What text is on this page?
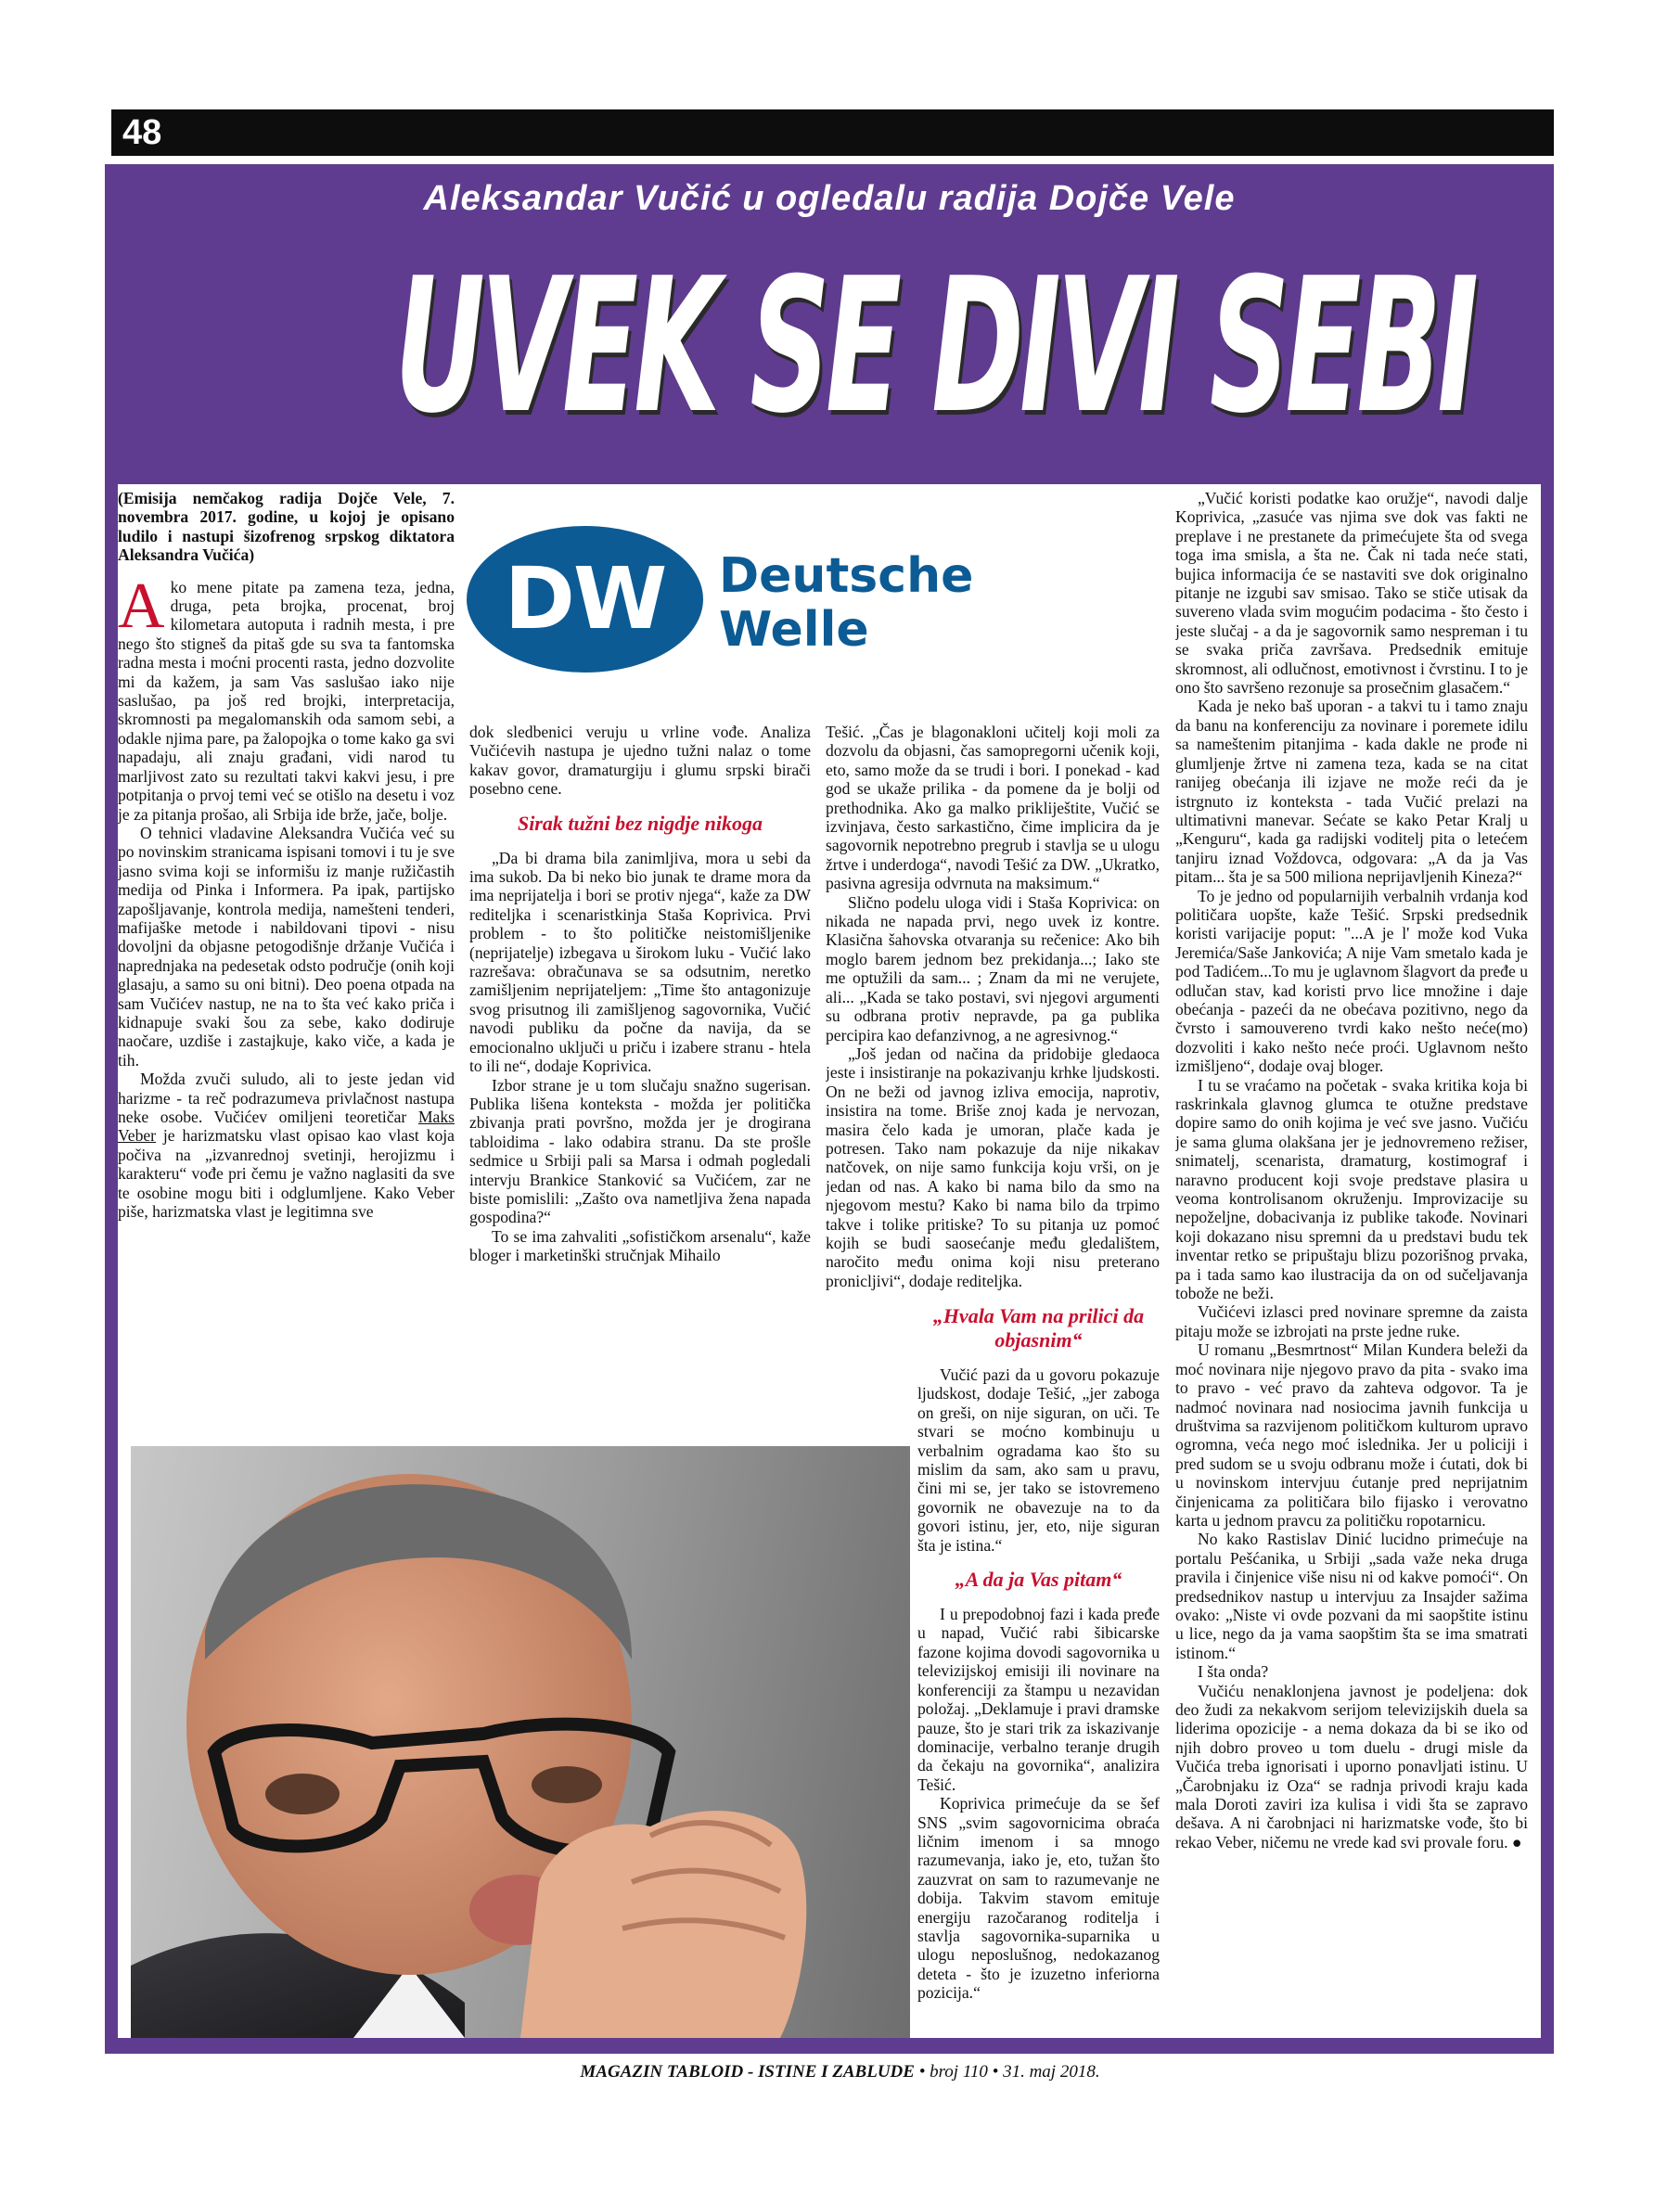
48
Aleksandar Vučić u ogledalu radija Dojče Vele
UVEK SE DIVI SEBI

(Emisija nemčakog radija Dojče Vele, 7. novembra 2017. godine, u kojoj je opisano ludilo i nastupi šizofrenog srpskog diktatora Aleksandra Vučića)

Ako mene pitate pa zamena teza, jedna, druga, peta brojka, procenat, broj kilometara autoputa i radnih mesta, i pre nego što stigneš da pitaš gde su sva ta fantomska radna mesta i moćni procenti rasta, jedno dozvolite mi da kažem, ja sam Vas saslušao iako nije saslušao, pa još red brojki, interpretacija, skromnosti pa megalomanskih oda samom sebi, a odakle njima pare, pa žalopojka o tome kako ga svi napadaju, ali znaju građani, vidi narod tu marljivost zato su rezultati takvi kakvi jesu, i pre potpitanja o prvoj temi već se otišlo na desetu i voz je za pitanja prošao, ali Srbija ide brže, jače, bolje.

O tehnici vladavine Aleksandra Vučića već su po novinskim stranicama ispisani tomovi i tu je sve jasno svima koji se informišu iz manje ružičastih medija od Pinka i Informera. Pa ipak, partijsko zapošljavanje, kontrola medija, namešteni tenderi, mafijaške metode i nabildovani tipovi - nisu dovoljni da objasne petogodišnje držanje Vučića i naprednjaka na pedesetak odsto područje (onih koji glasaju, a samo su oni bitni). Deo poena otpada na sam Vučićev nastup, ne na to šta već kako priča i kidnapuje svaki šou za sebe, kako dodiruje naočare, uzdiše i zastajkuje, kako viče, a kada je tih.

Možda zvuči suludo, ali to jeste jedan vid harizme - ta reč podrazumeva privlačnost nastupa neke osobe. Vučićev omiljeni teoretičar Maks Veber je harizmatsku vlast opisao kao vlast koja počiva na „izvanrednoj svetinji, herojizmu i karakteru“ vođe pri čemu je važno naglasiti da sve te osobine mogu biti i odglumljene. Kako Veber piše, harizmatska vlast je legitimna sve

DW	Deutsche
Welle

dok sledbenici veruju u vrline vođe. Analiza Vučićevih nastupa je ujedno tužni nalaz o tome kakav govor, dramaturgiju i glumu srpski birači posebno cene.

Sirak tužni bez nigdje nikoga

„Da bi drama bila zanimljiva, mora u sebi da ima sukob. Da bi neko bio junak te drame mora da ima neprijatelja i bori se protiv njega“, kaže za DW rediteljka i scenaristkinja Staša Koprivica. Prvi problem - to što političke neistomišljenike (neprijatelje) izbegava u širokom luku - Vučić lako razrešava: obračunava se sa odsutnim, neretko zamišljenim neprijateljem: „Time što antagonizuje svog prisutnog ili zamišljenog sagovornika, Vučić navodi publiku da počne da navija, da se emocionalno uključi u priču i izabere stranu - htela to ili ne“, dodaje Koprivica.

Izbor strane je u tom slučaju snažno sugerisan. Publika lišena konteksta - možda jer politička zbivanja prati površno, možda jer je drogirana tabloidima - lako odabira stranu. Da ste prošle sedmice u Srbiji pali sa Marsa i odmah pogledali intervju Brankice Stanković sa Vučićem, zar ne biste pomislili: „Zašto ova nametljiva žena napada gospodina?“

To se ima zahvaliti „sofističkom arsenalu“, kaže bloger i marketinški stručnjak Mihailo

Tešić. „Čas je blagonakloni učitelj koji moli za dozvolu da objasni, čas samopregorni učenik koji, eto, samo može da se trudi i bori. I ponekad - kad god se ukaže prilika - da pomene da je bolji od prethodnika. Ako ga malko prikliještite, Vučić se izvinjava, često sarkastično, čime implicira da je sagovornik nepotrebno pregrub i stavlja se u ulogu žrtve i underdoga“, navodi Tešić za DW. „Ukratko, pasivna agresija odvrnuta na maksimum.“

Slično podelu uloga vidi i Staša Koprivica: on nikada ne napada prvi, nego uvek iz kontre. Klasična šahovska otvaranja su rečenice: Ako bih moglo barem jednom bez prekidanja...; Iako ste me optužili da sam... ; Znam da mi ne verujete, ali... „Kada se tako postavi, svi njegovi argumenti su odbrana protiv nepravde, pa ga publika percipira kao defanzivnog, a ne agresivnog.“

„Još jedan od načina da pridobije gledaoca jeste i insistiranje na pokazivanju krhke ljudskosti. On ne beži od javnog izliva emocija, naprotiv, insistira na tome. Briše znoj kada je nervozan, masira čelo kada je umoran, plače kada je potresen. Tako nam pokazuje da nije nikakav natčovek, on nije samo funkcija koju vrši, on je jedan od nas. A kako bi nama bilo da smo na njegovom mestu? Kako bi nama bilo da trpimo takve i tolike pritiske? To su pitanja uz pomoć kojih se budi saosećanje među gledalištem, naročito među onima koji nisu preterano pronicljivi“, dodaje rediteljka.

„Hvala Vam na prilici da objasnim“

Vučić pazi da u govoru pokazuje ljudskost, dodaje Tešić, „jer zaboga on greši, on nije siguran, on uči. Te stvari se moćno kombinuju u verbalnim ogradama kao što su mislim da sam, ako sam u pravu, čini mi se, jer tako se istovremeno govornik ne obavezuje na to da govori istinu, jer, eto, nije siguran šta je istina.“

„A da ja Vas pitam“

I u prepodobnoj fazi i kada pređe u napad, Vučić rabi šibicarske fazone kojima dovodi sagovornika u televizijskoj emisiji ili novinare na konferenciji za štampu u nezavidan položaj. „Deklamuje i pravi dramske pauze, što je stari trik za iskazivanje dominacije, verbalno teranje drugih da čekaju na govornika“, analizira Tešić.

Koprivica primećuje da se šef SNS „svim sagovornicima obraća ličnim imenom i sa mnogo razumevanja, iako je, eto, tužan što zauzvrat on sam to razumevanje ne dobija. Takvim stavom emituje energiju razočaranog roditelja i stavlja sagovornika-suparnika u ulogu neposlušnog, nedokazanog deteta - što je izuzetno inferiorna pozicija.“

„Vučić koristi podatke kao oružje“, navodi dalje Koprivica, „zasuće vas njima sve dok vas fakti ne preplave i ne prestanete da primećujete šta od svega toga ima smisla, a šta ne. Čak ni tada neće stati, bujica informacija će se nastaviti sve dok originalno pitanje ne izgubi sav smisao. Tako se stiče utisak da suvereno vlada svim mogućim podacima - što često i jeste slučaj - a da je sagovornik samo nespreman i tu se svaka priča završava. Predsednik emituje skromnost, ali odlučnost, emotivnost i čvrstinu. I to je ono što savršeno rezonuje sa prosečnim glasačem.“

Kada je neko baš uporan - a takvi tu i tamo znaju da banu na konferenciju za novinare i poremete idilu sa nameštenim pitanjima - kada dakle ne prođe ni glumljenje žrtve ni zamena teza, kada se na citat ranijeg obećanja ili izjave ne može reći da je istrgnuto iz konteksta - tada Vučić prelazi na ultimativni manevar. Sećate se kako Petar Kralj u „Kenguru“, kada ga radijski voditelj pita o letećem tanjiru iznad Voždovca, odgovara: „A da ja Vas pitam... šta je sa 500 miliona neprijavljenih Kineza?“

To je jedno od popularnijih verbalnih vrdanja kod političara uopšte, kaže Tešić. Srpski predsednik koristi varijacije poput: "...A je l' može kod Vuka Jeremića/Saše Jankovića; A nije Vam smetalo kada je pod Tadićem...To mu je uglavnom šlagvort da pređe u odlučan stav, kad koristi prvo lice množine i daje obećanja - pazeći da ne obećava pozitivno, nego da čvrsto i samouvereno tvrdi kako nešto neće(mo) dozvoliti i kako nešto neće proći. Uglavnom nešto izmišljeno“, dodaje ovaj bloger.

I tu se vraćamo na početak - svaka kritika koja bi raskrinkala glavnog glumca te otužne predstave dopire samo do onih kojima je već sve jasno. Vučiću je sama gluma olakšana jer je jednovremeno režiser, snimatelj, scenarista, dramaturg, kostimograf i naravno producent koji svoje predstave plasira u veoma kontrolisanom okruženju. Improvizacije su nepoželjne, dobacivanja iz publike takođe. Novinari koji dokazano nisu spremni da u predstavi budu tek inventar retko se pripuštaju blizu pozorišnog prvaka, pa i tada samo kao ilustracija da on od sučeljavanja tobože ne beži.

Vučićevi izlasci pred novinare spremne da zaista pitaju može se izbrojati na prste jedne ruke.

U romanu „Besmrtnost“ Milan Kundera beleži da moć novinara nije njegovo pravo da pita - svako ima to pravo - već pravo da zahteva odgovor. Ta je nadmoć novinara nad nosiocima javnih funkcija u društvima sa razvijenom političkom kulturom upravo ogromna, veća nego moć islednika. Jer u policiji i pred sudom se u svoju odbranu može i ćutati, dok bi u novinskom intervjuu ćutanje pred neprijatnim činjenicama za političara bilo fijasko i verovatno karta u jednom pravcu za političku ropotarnicu.

No kako Rastislav Dinić lucidno primećuje na portalu Pešćanika, u Srbiji „sada važe neka druga pravila i činjenice više nisu ni od kakve pomoći“. On predsednikov nastup u intervjuu za Insajder sažima ovako: „Niste vi ovde pozvani da mi saopštite istinu u lice, nego da ja vama saopštim šta se ima smatrati istinom.“

I šta onda?

Vučiću nenaklonjena javnost je podeljena: dok deo žudi za nekakvom serijom televizijskih duela sa liderima opozicije - a nema dokaza da bi se iko od njih dobro proveo u tom duelu - drugi misle da Vučića treba ignorisati i uporno ponavljati istinu. U „Čarobnjaku iz Oza“ se radnja privodi kraju kada mala Doroti zaviri iza kulisa i vidi šta se zapravo dešava. A ni čarobnjaci ni harizmatske vođe, što bi rekao Veber, ničemu ne vrede kad svi provale foru. ●

MAGAZIN TABLOID - ISTINE I ZABLUDE • broj 110 • 31. maj 2018.
